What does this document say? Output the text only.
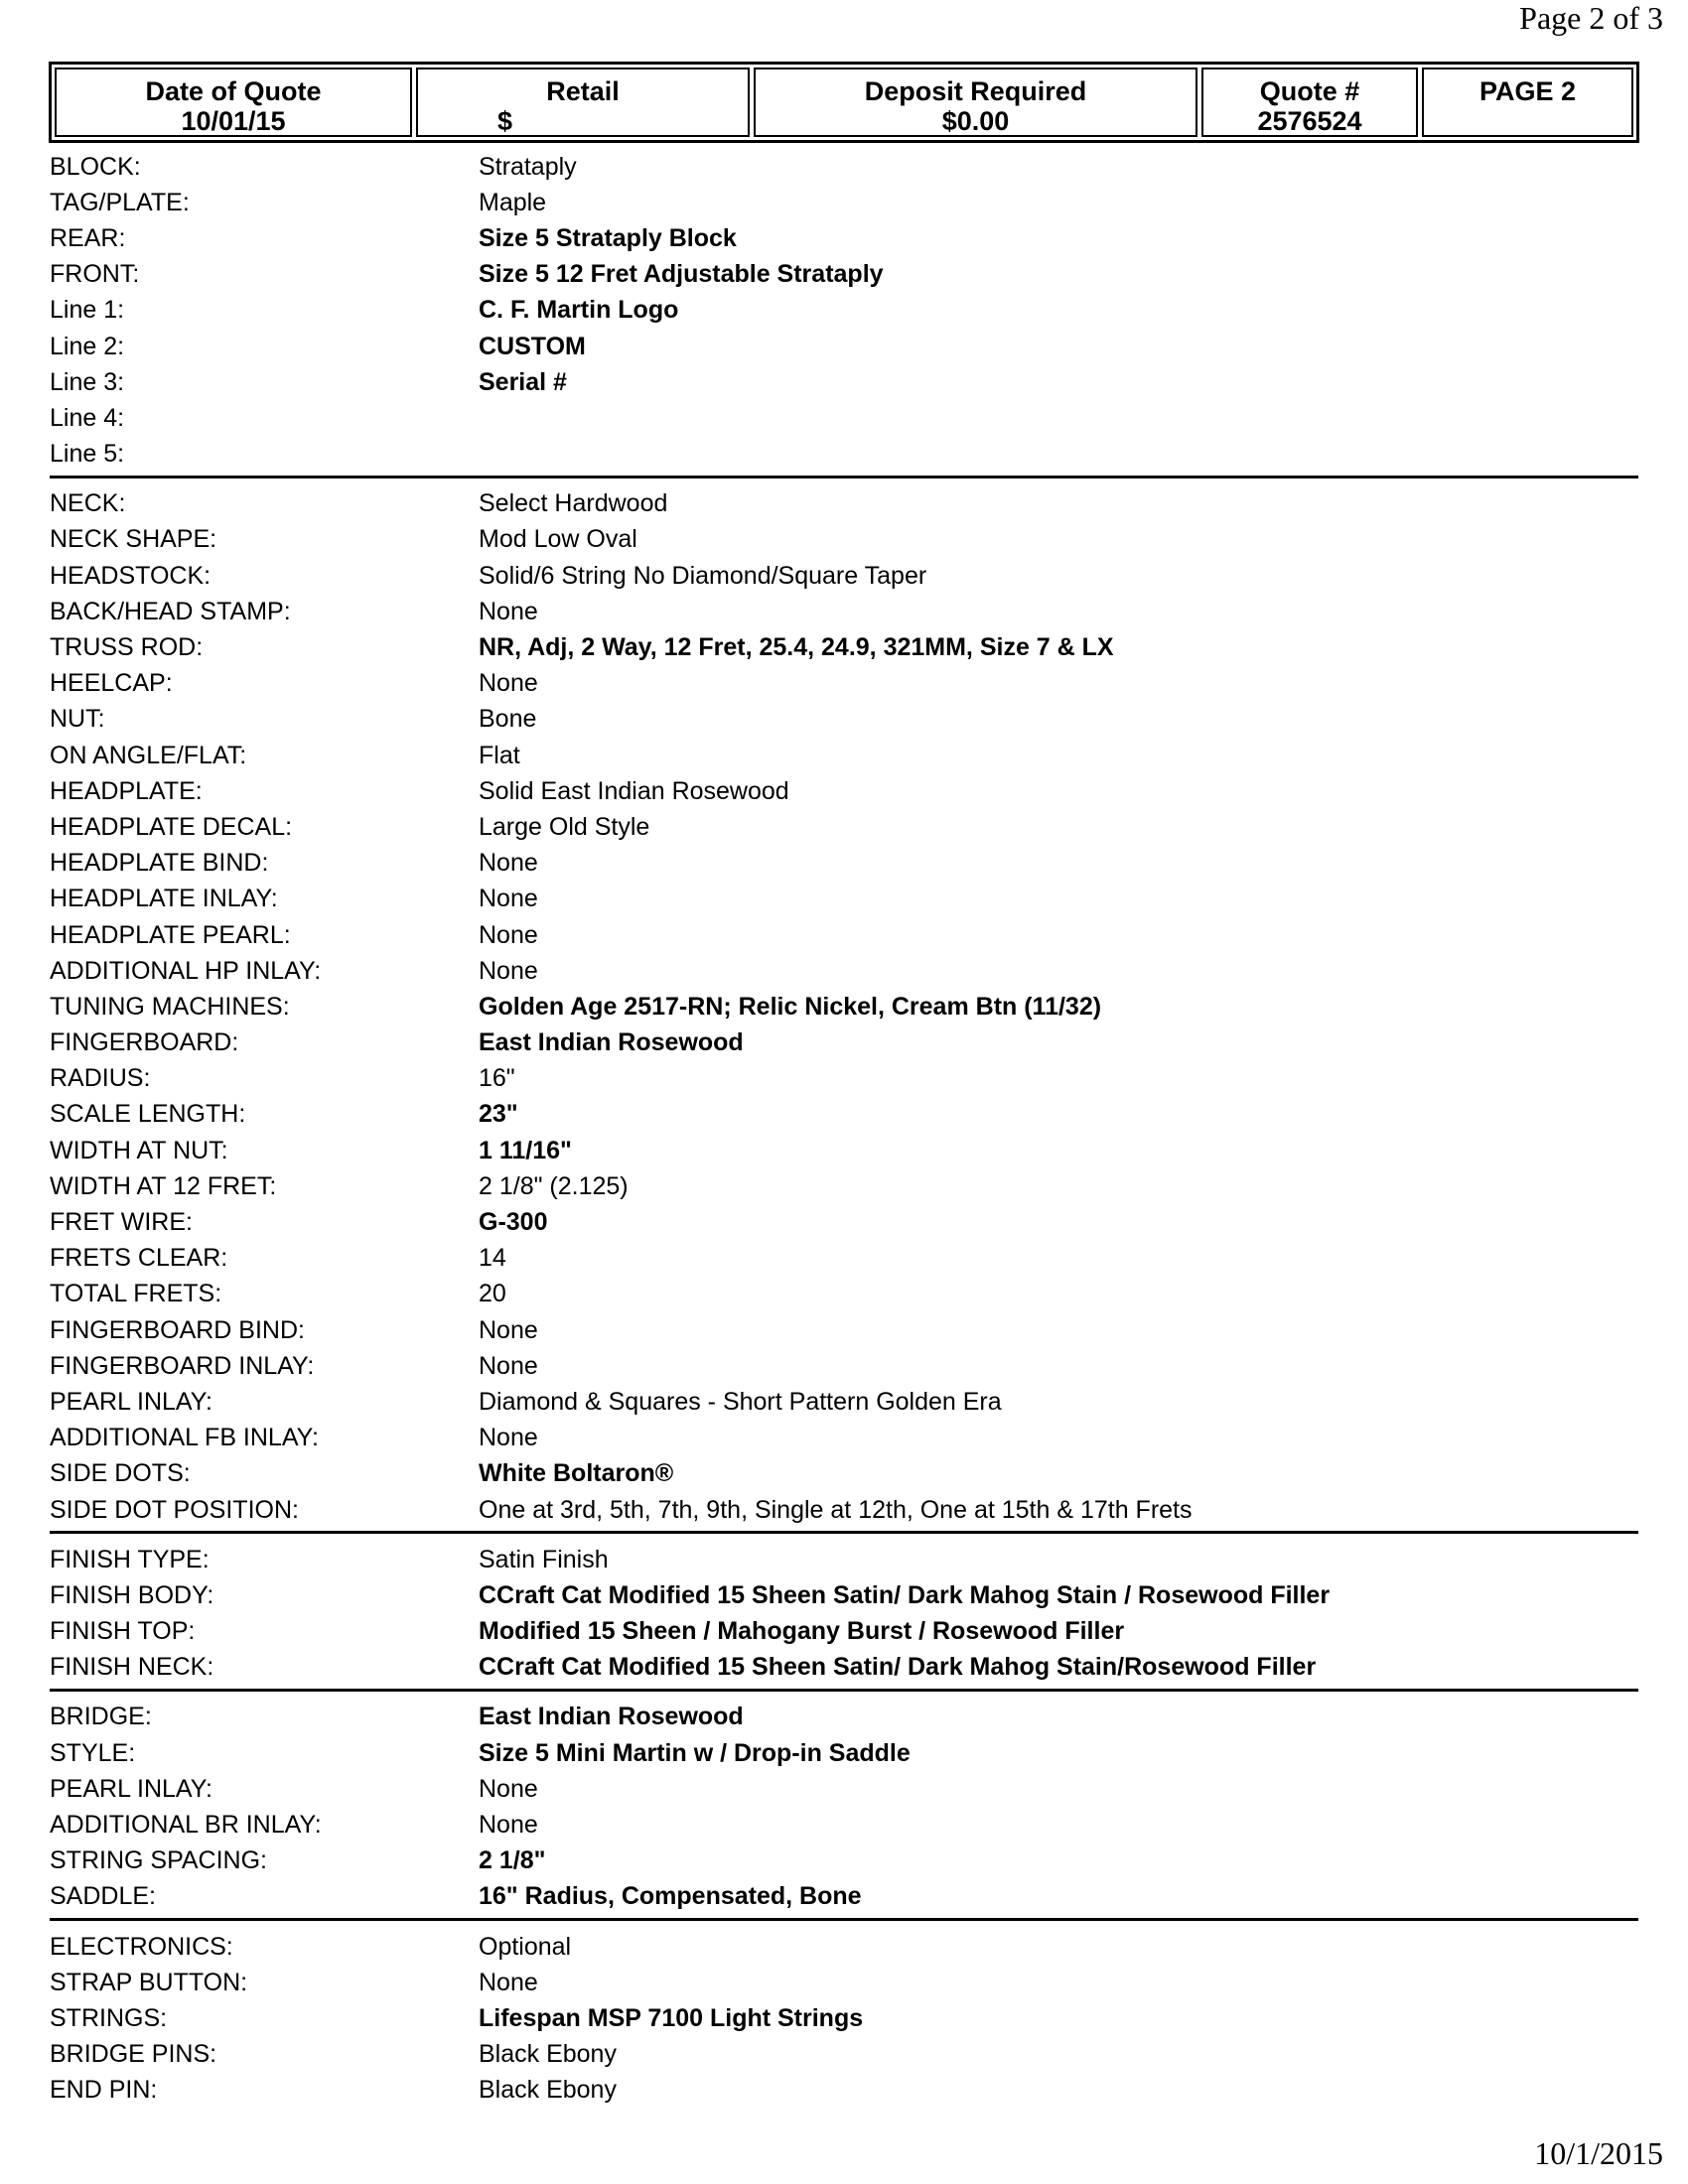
Page 2 of 3
Date of Quote
10/01/15
Retail
$
Deposit Required
$0.00
Quote #
2576524
PAGE 2
BLOCK:	Strataply
TAG/PLATE:	Maple
REAR:	Size 5 Strataply Block
FRONT:	Size 5 12 Fret Adjustable Strataply
Line 1:	C. F. Martin Logo
Line 2:	CUSTOM
Line 3:	Serial #
Line 4:
Line 5:
NECK:	Select Hardwood
NECK SHAPE:	Mod Low Oval
HEADSTOCK:	Solid/6 String No Diamond/Square Taper
BACK/HEAD STAMP:	None
TRUSS ROD:	NR, Adj, 2 Way, 12 Fret, 25.4, 24.9, 321MM, Size 7 & LX
HEELCAP:	None
NUT:	Bone
ON ANGLE/FLAT:	Flat
HEADPLATE:	Solid East Indian Rosewood
HEADPLATE DECAL:	Large Old Style
HEADPLATE BIND:	None
HEADPLATE INLAY:	None
HEADPLATE PEARL:	None
ADDITIONAL HP INLAY:	None
TUNING MACHINES:	Golden Age 2517-RN; Relic Nickel, Cream Btn (11/32)
FINGERBOARD:	East Indian Rosewood
RADIUS:	16"
SCALE LENGTH:	23"
WIDTH AT NUT:	1 11/16"
WIDTH AT 12 FRET:	2 1/8" (2.125)
FRET WIRE:	G-300
FRETS CLEAR:	14
TOTAL FRETS:	20
FINGERBOARD BIND:	None
FINGERBOARD INLAY:	None
PEARL INLAY:	Diamond & Squares - Short Pattern Golden Era
ADDITIONAL FB INLAY:	None
SIDE DOTS:	White Boltaron®
SIDE DOT POSITION:	One at 3rd, 5th, 7th, 9th, Single at 12th, One at 15th & 17th Frets
FINISH TYPE:	Satin Finish
FINISH BODY:	CCraft Cat Modified 15 Sheen Satin/ Dark Mahog Stain / Rosewood Filler
FINISH TOP:	Modified 15 Sheen / Mahogany Burst / Rosewood Filler
FINISH NECK:	CCraft Cat Modified 15 Sheen Satin/ Dark Mahog Stain/Rosewood Filler
BRIDGE:	East Indian Rosewood
STYLE:	Size 5 Mini Martin w / Drop-in Saddle
PEARL INLAY:	None
ADDITIONAL BR INLAY:	None
STRING SPACING:	2 1/8"
SADDLE:	16" Radius, Compensated, Bone
ELECTRONICS:	Optional
STRAP BUTTON:	None
STRINGS:	Lifespan MSP 7100 Light Strings
BRIDGE PINS:	Black Ebony
END PIN:	Black Ebony
10/1/2015
